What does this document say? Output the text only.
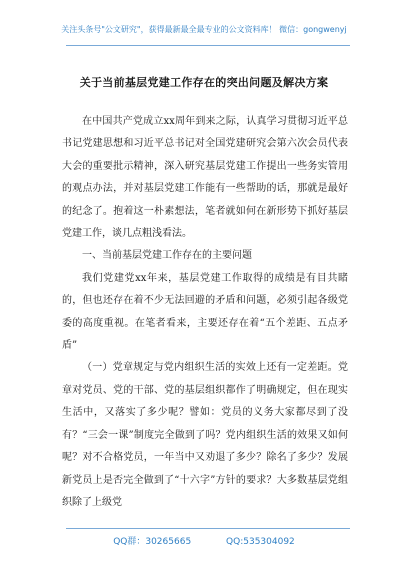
关注头条号"公文研究"，获得最新最全最专业的公文资料库！ 微信：gongwenyj
关于当前基层党建工作存在的突出问题及解决方案

在中国共产党成立xx周年到来之际，认真学习贯彻习近平总书记党建思想和习近平总书记对全国党建研究会第六次会员代表大会的重要批示精神，深入研究基层党建工作提出一些务实管用的观点办法，并对基层党建工作能有一些帮助的话，那就是最好的纪念了。抱着这一朴素想法，笔者就如何在新形势下抓好基层党建工作，谈几点粗浅看法。

一、当前基层党建工作存在的主要问题

我们党建党xx年来，基层党建工作取得的成绩是有目共睹的，但也还存在着不少无法回避的矛盾和问题，必须引起各级党委的高度重视。在笔者看来，主要还存在着“五个差距、五点矛盾”

（一）党章规定与党内组织生活的实效上还有一定差距。党章对党员、党的干部、党的基层组织都作了明确规定，但在现实生活中，又落实了多少呢？譬如：党员的义务大家都尽到了没有？“三会一课”制度完全做到了吗？党内组织生活的效果又如何呢？对不合格党员，一年当中又劝退了多少？除名了多少？发展新党员上是否完全做到了“十六字”方针的要求？大多数基层党组织除了上级党

QQ群：30265665	QQ:535304092
